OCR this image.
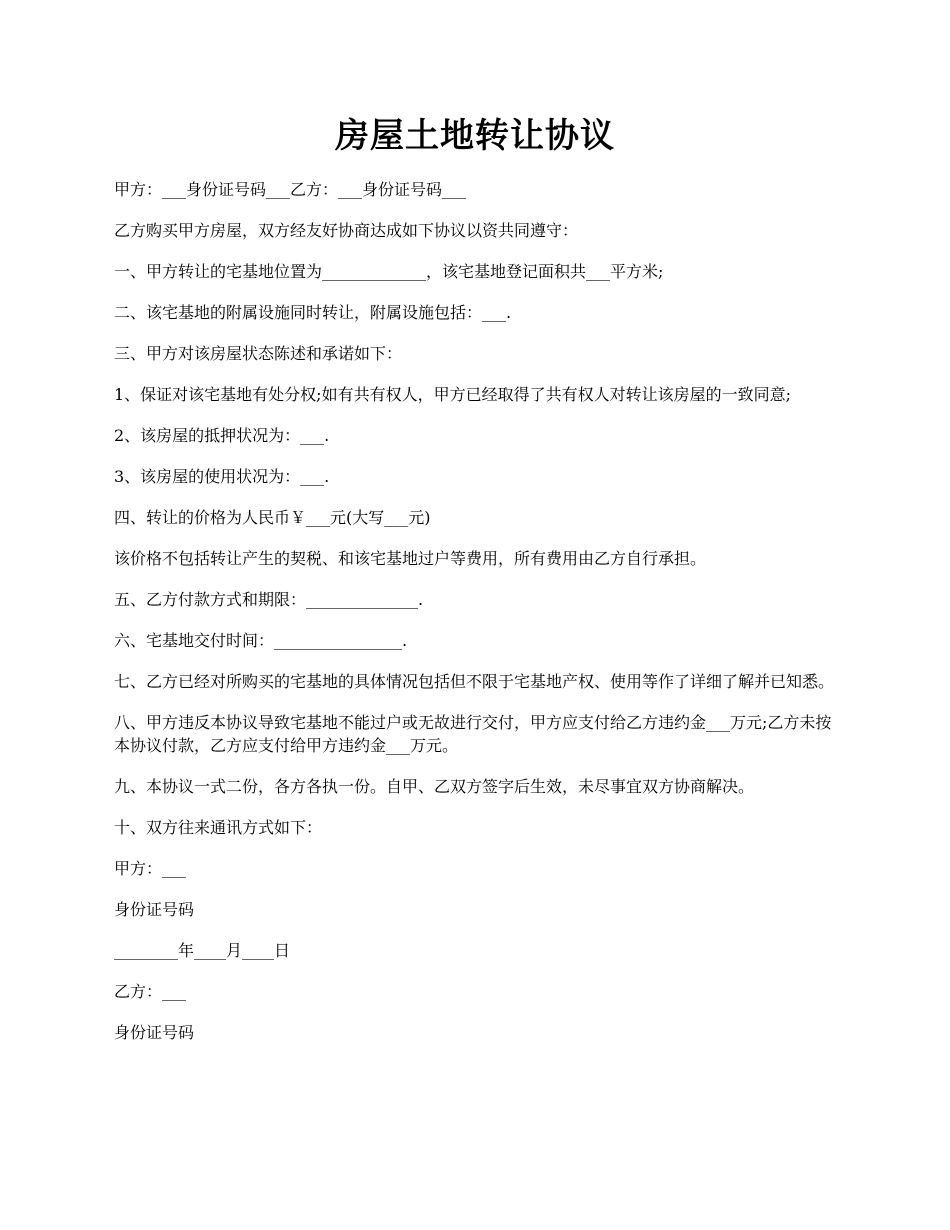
房屋土地转让协议

甲方：___身份证号码___乙方：___身份证号码___

乙方购买甲方房屋，双方经友好协商达成如下协议以资共同遵守：

一、甲方转让的宅基地位置为_____________，该宅基地登记面积共___平方米;

二、该宅基地的附属设施同时转让，附属设施包括：___.

三、甲方对该房屋状态陈述和承诺如下：

1、保证对该宅基地有处分权;如有共有权人，甲方已经取得了共有权人对转让该房屋的一致同意;

2、该房屋的抵押状况为：___.

3、该房屋的使用状况为：___.

四、转让的价格为人民币￥___元(大写___元)

该价格不包括转让产生的契税、和该宅基地过户等费用，所有费用由乙方自行承担。

五、乙方付款方式和期限：______________.

六、宅基地交付时间：________________.

七、乙方已经对所购买的宅基地的具体情况包括但不限于宅基地产权、使用等作了详细了解并已知悉。

八、甲方违反本协议导致宅基地不能过户或无故进行交付，甲方应支付给乙方违约金___万元;乙方未按本协议付款，乙方应支付给甲方违约金___万元。

九、本协议一式二份，各方各执一份。自甲、乙双方签字后生效，未尽事宜双方协商解决。

十、双方往来通讯方式如下：

甲方：___

身份证号码

________年____月____日

乙方：___

身份证号码
